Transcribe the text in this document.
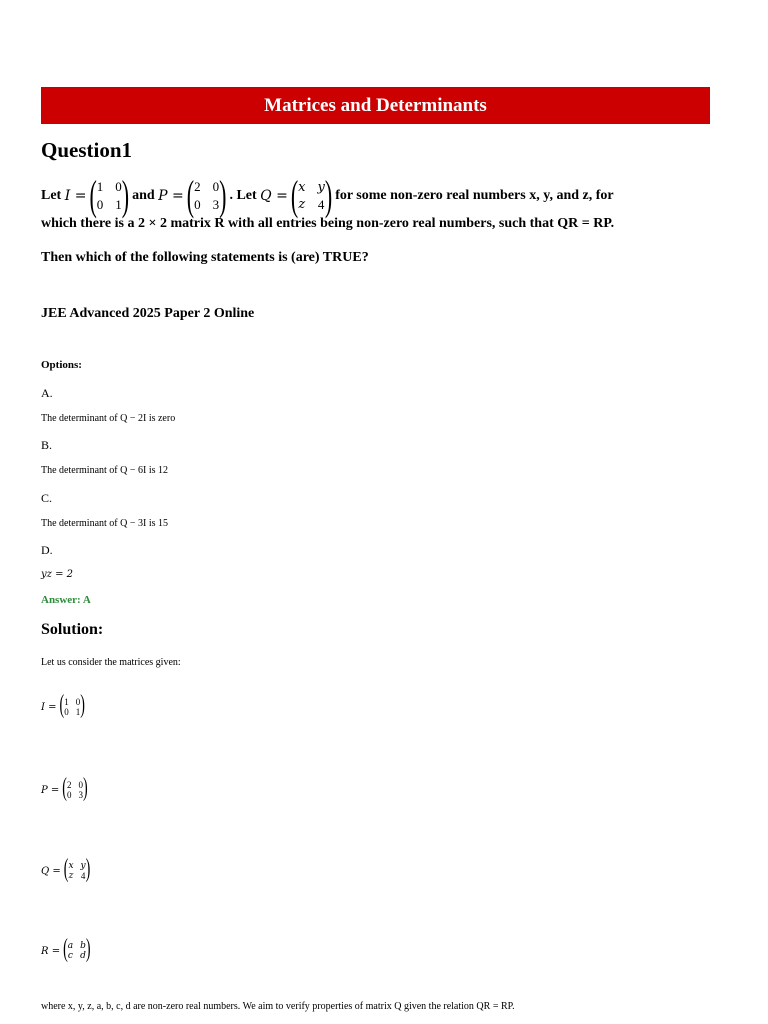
Matrices and Determinants
Question1
Let
I = ( 1 0
0 1 ) and
P = ( 2 0
0 3 ) . Let
Q = ( x y
z 4 ) for some non-zero real numbers x, y, and z, for
which there is a 2 × 2 matrix R with all entries being non-zero real numbers, such that QR = RP.
Then which of the following statements is (are) TRUE?
JEE Advanced 2025 Paper 2 Online
Options:
A.
The determinant of Q − 2I is zero
B.
The determinant of Q − 6I is 12
C.
The determinant of Q − 3I is 15
D.
yz = 2
Answer: A
Solution:
Let us consider the matrices given:
I = ( 1 0
0 1 )
P = ( 2 0
0 3 )
Q = ( x y
z 4 )
R = ( a b
c d )
where x, y, z, a, b, c, d are non-zero real numbers. We aim to verify properties of matrix Q given the relation QR = RP.
